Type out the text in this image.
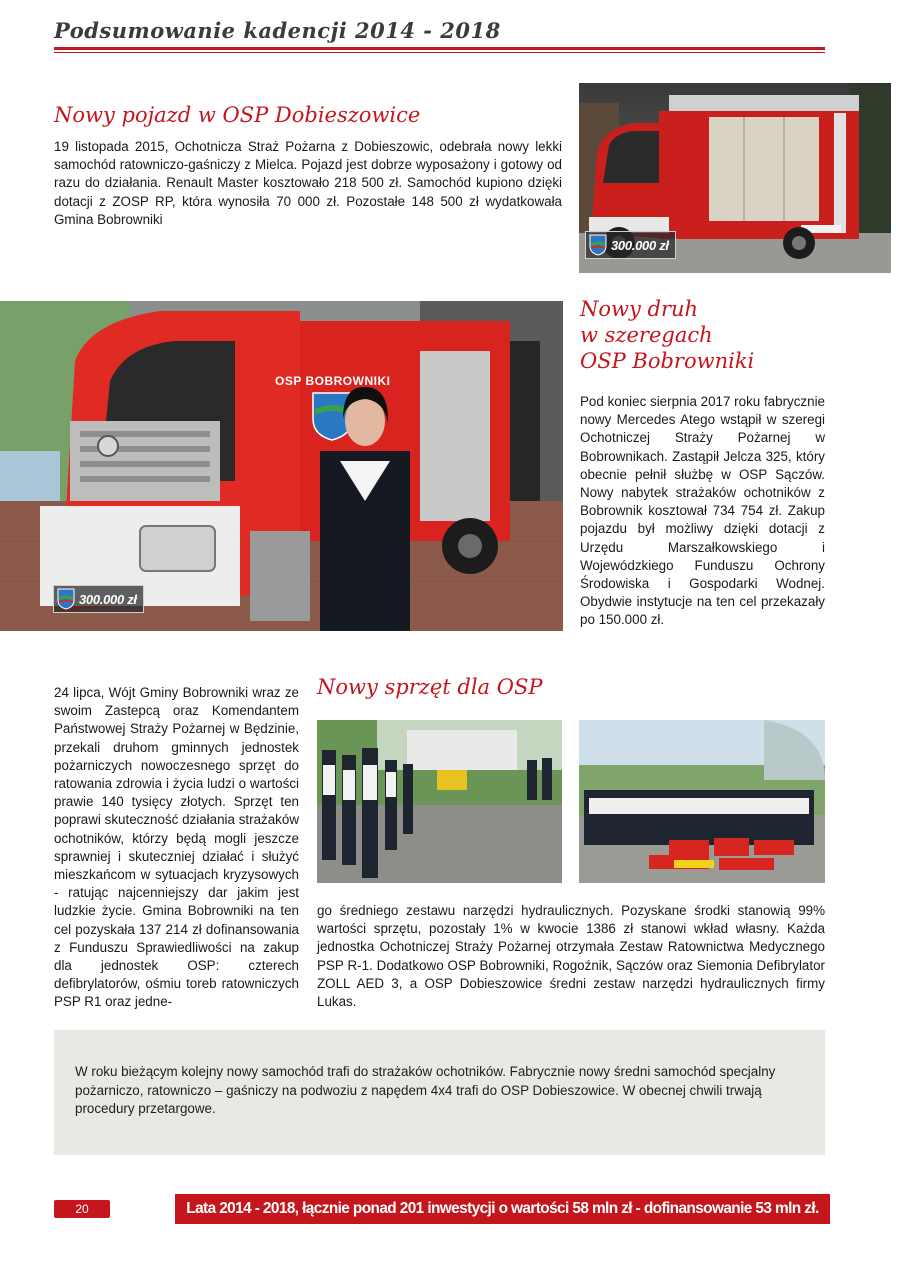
Podsumowanie kadencji 2014 - 2018
Nowy pojazd w OSP Dobieszowice
19 listopada 2015, Ochotnicza Straż Pożarna z Dobieszowic, odebrała nowy lekki samochód ratowniczo-gaśniczy z Mielca. Pojazd jest dobrze wyposażony i gotowy od razu do działania. Renault Master kosztowało 218 500 zł. Samochód kupiono dzięki dotacji z ZOSP RP, która wynosiła 70 000 zł. Pozostałe 148 500 zł wydatkowała Gmina Bobrowniki
300.000 zł
OSP BOBROWNIKI
300.000 zł
Nowy druh
w szeregach
OSP Bobrowniki
Pod koniec sierpnia 2017 roku fabrycznie nowy Mercedes Atego wstąpił w szeregi Ochotniczej Straży Pożarnej w Bobrownikach. Zastąpił Jelcza 325, który obecnie pełnił służbę w OSP Sączów. Nowy nabytek strażaków ochotników z Bobrownik kosztował 734 754 zł. Zakup pojazdu był możliwy dzięki dotacji z Urzędu Marszałkowskiego i Wojewódzkiego Funduszu Ochrony Środowiska i Gospodarki Wodnej. Obydwie instytucje na ten cel przekazały po 150.000 zł.
24 lipca, Wójt Gminy Bobrowniki wraz ze swoim Zastepcą oraz Komendantem Państwowej Straży Pożarnej w Będzinie, przekali druhom gminnych jednostek pożarniczych nowoczesnego sprzęt do ratowania zdrowia i życia ludzi o wartości prawie 140 tysięcy złotych. Sprzęt ten poprawi skuteczność działania strażaków ochotników, którzy będą mogli jeszcze sprawniej i skuteczniej działać i służyć mieszkańcom w sytuacjach kryzysowych - ratując najcenniejszy dar jakim jest ludzkie życie. Gmina Bobrowniki na ten cel pozyskała 137 214 zł dofinansowania z Funduszu Sprawiedliwości na zakup dla jednostek OSP: czterech defibrylatorów, ośmiu toreb ratowniczych PSP R1 oraz jedne-
Nowy sprzęt dla OSP
go średniego zestawu narzędzi hydraulicznych. Pozyskane środki stanowią 99% wartości sprzętu, pozostały 1% w kwocie 1386 zł stanowi wkład własny. Każda jednostka Ochotniczej Straży Pożarnej otrzymała Zestaw Ratownictwa Medycznego PSP R-1. Dodatkowo OSP Bobrowniki, Rogoźnik, Sączów oraz Siemonia Defibrylator ZOLL AED 3, a OSP Dobieszowice średni zestaw narzędzi hydraulicznych firmy Lukas.

W roku bieżącym kolejny nowy samochód trafi do strażaków ochotników. Fabrycznie nowy średni samochód specjalny pożarniczo, ratowniczo – gaśniczy na podwoziu z napędem 4x4 trafi do OSP Dobieszowice. W obecnej chwili trwają procedury przetargowe.

20	Lata 2014 - 2018, łącznie ponad 201 inwestycji o wartości 58 mln zł - dofinansowanie 53 mln zł.
